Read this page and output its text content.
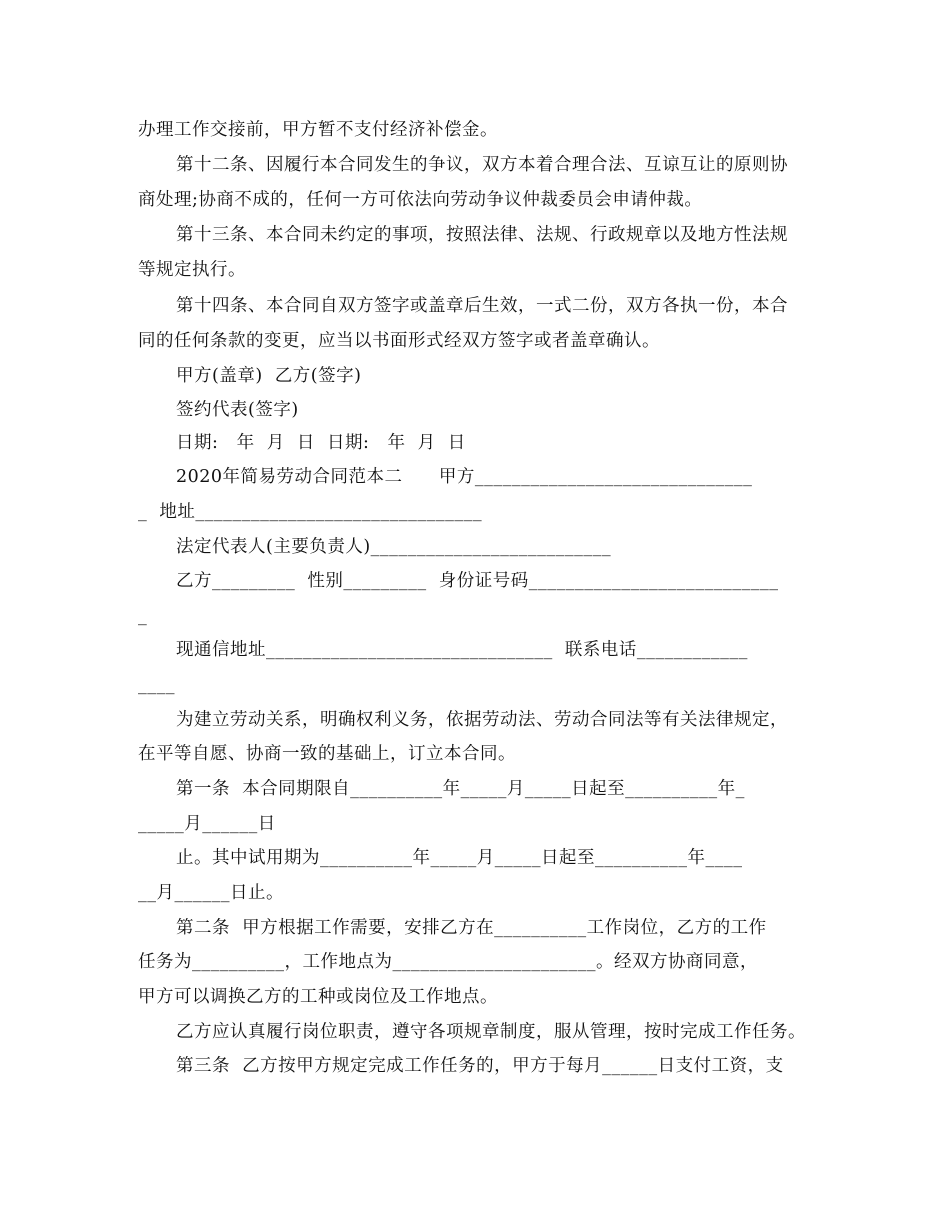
办理工作交接前，甲方暂不支付经济补偿金。
第十二条、因履行本合同发生的争议，双方本着合理合法、互谅互让的原则协
商处理;协商不成的，任何一方可依法向劳动争议仲裁委员会申请仲裁。
第十三条、本合同未约定的事项，按照法律、法规、行政规章以及地方性法规
等规定执行。
第十四条、本合同自双方签字或盖章后生效，一式二份，双方各执一份，本合
同的任何条款的变更，应当以书面形式经双方签字或者盖章确认。
甲方(盖章)  乙方(签字)
签约代表(签字)
日期:   年  月  日  日期:   年  月  日
2020年简易劳动合同范本二      甲方______________________________
_  地址_______________________________
法定代表人(主要负责人)__________________________
乙方_________  性别_________  身份证号码___________________________
_
现通信地址_______________________________  联系电话____________
____
为建立劳动关系，明确权利义务，依据劳动法、劳动合同法等有关法律规定，
在平等自愿、协商一致的基础上，订立本合同。
第一条  本合同期限自__________年_____月_____日起至__________年_
_____月______日
止。其中试用期为__________年_____月_____日起至__________年____
__月______日止。
第二条  甲方根据工作需要，安排乙方在__________工作岗位，乙方的工作
任务为__________，工作地点为______________________。经双方协商同意，
甲方可以调换乙方的工种或岗位及工作地点。
乙方应认真履行岗位职责，遵守各项规章制度，服从管理，按时完成工作任务。
第三条  乙方按甲方规定完成工作任务的，甲方于每月______日支付工资，支
